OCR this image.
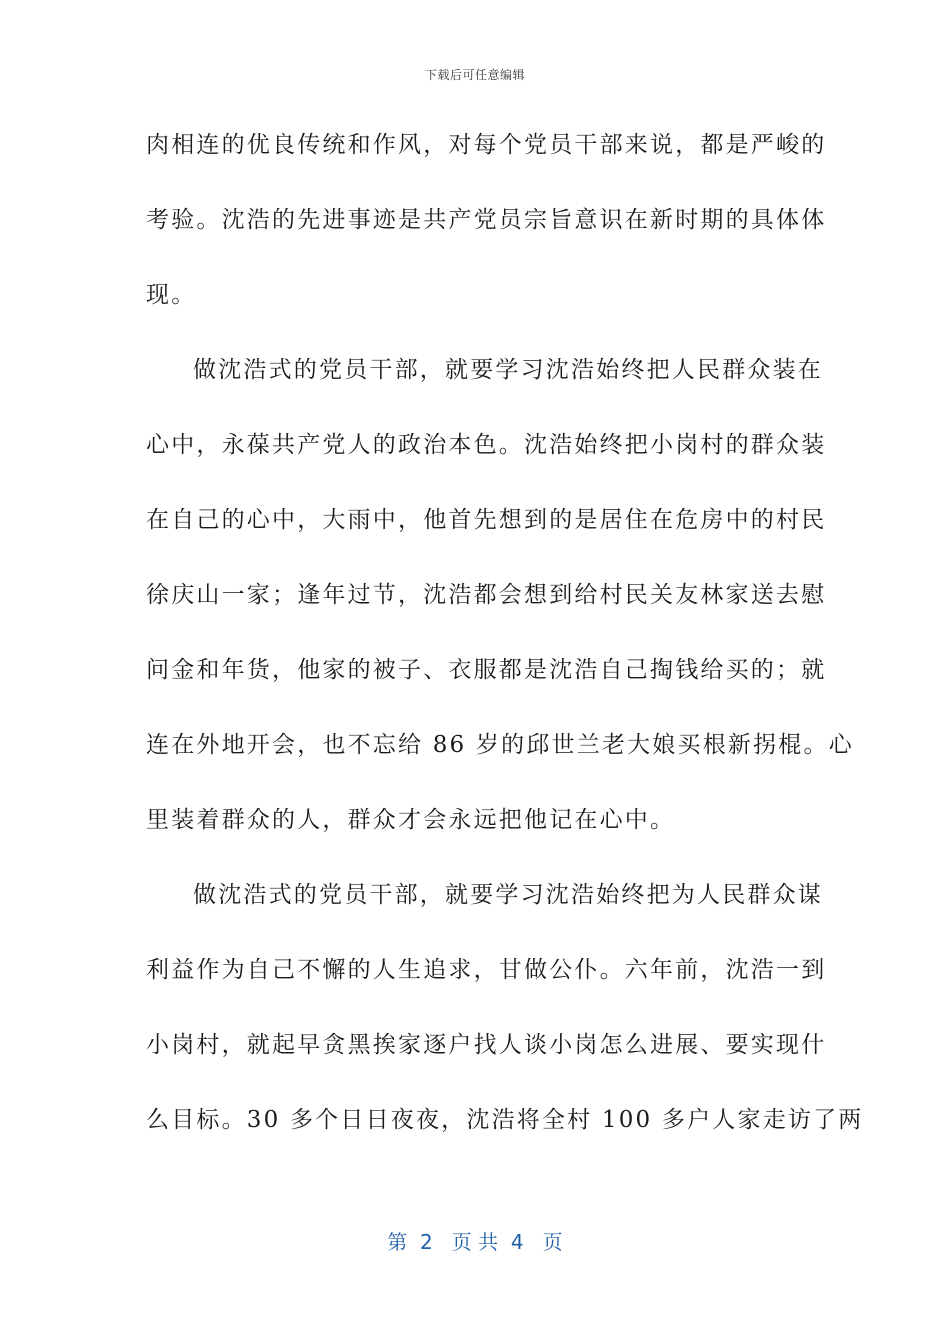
下载后可任意编辑
肉相连的优良传统和作风，对每个党员干部来说，都是严峻的
考验。沈浩的先进事迹是共产党员宗旨意识在新时期的具体体
现。
做沈浩式的党员干部，就要学习沈浩始终把人民群众装在
心中，永葆共产党人的政治本色。沈浩始终把小岗村的群众装
在自己的心中，大雨中，他首先想到的是居住在危房中的村民
徐庆山一家；逢年过节，沈浩都会想到给村民关友林家送去慰
问金和年货，他家的被子、衣服都是沈浩自己掏钱给买的；就
连在外地开会，也不忘给 86 岁的邱世兰老大娘买根新拐棍。心
里装着群众的人，群众才会永远把他记在心中。
做沈浩式的党员干部，就要学习沈浩始终把为人民群众谋
利益作为自己不懈的人生追求，甘做公仆。六年前，沈浩一到
小岗村，就起早贪黑挨家逐户找人谈小岗怎么进展、要实现什
么目标。30 多个日日夜夜，沈浩将全村 100 多户人家走访了两
第  2   页 共  4   页
